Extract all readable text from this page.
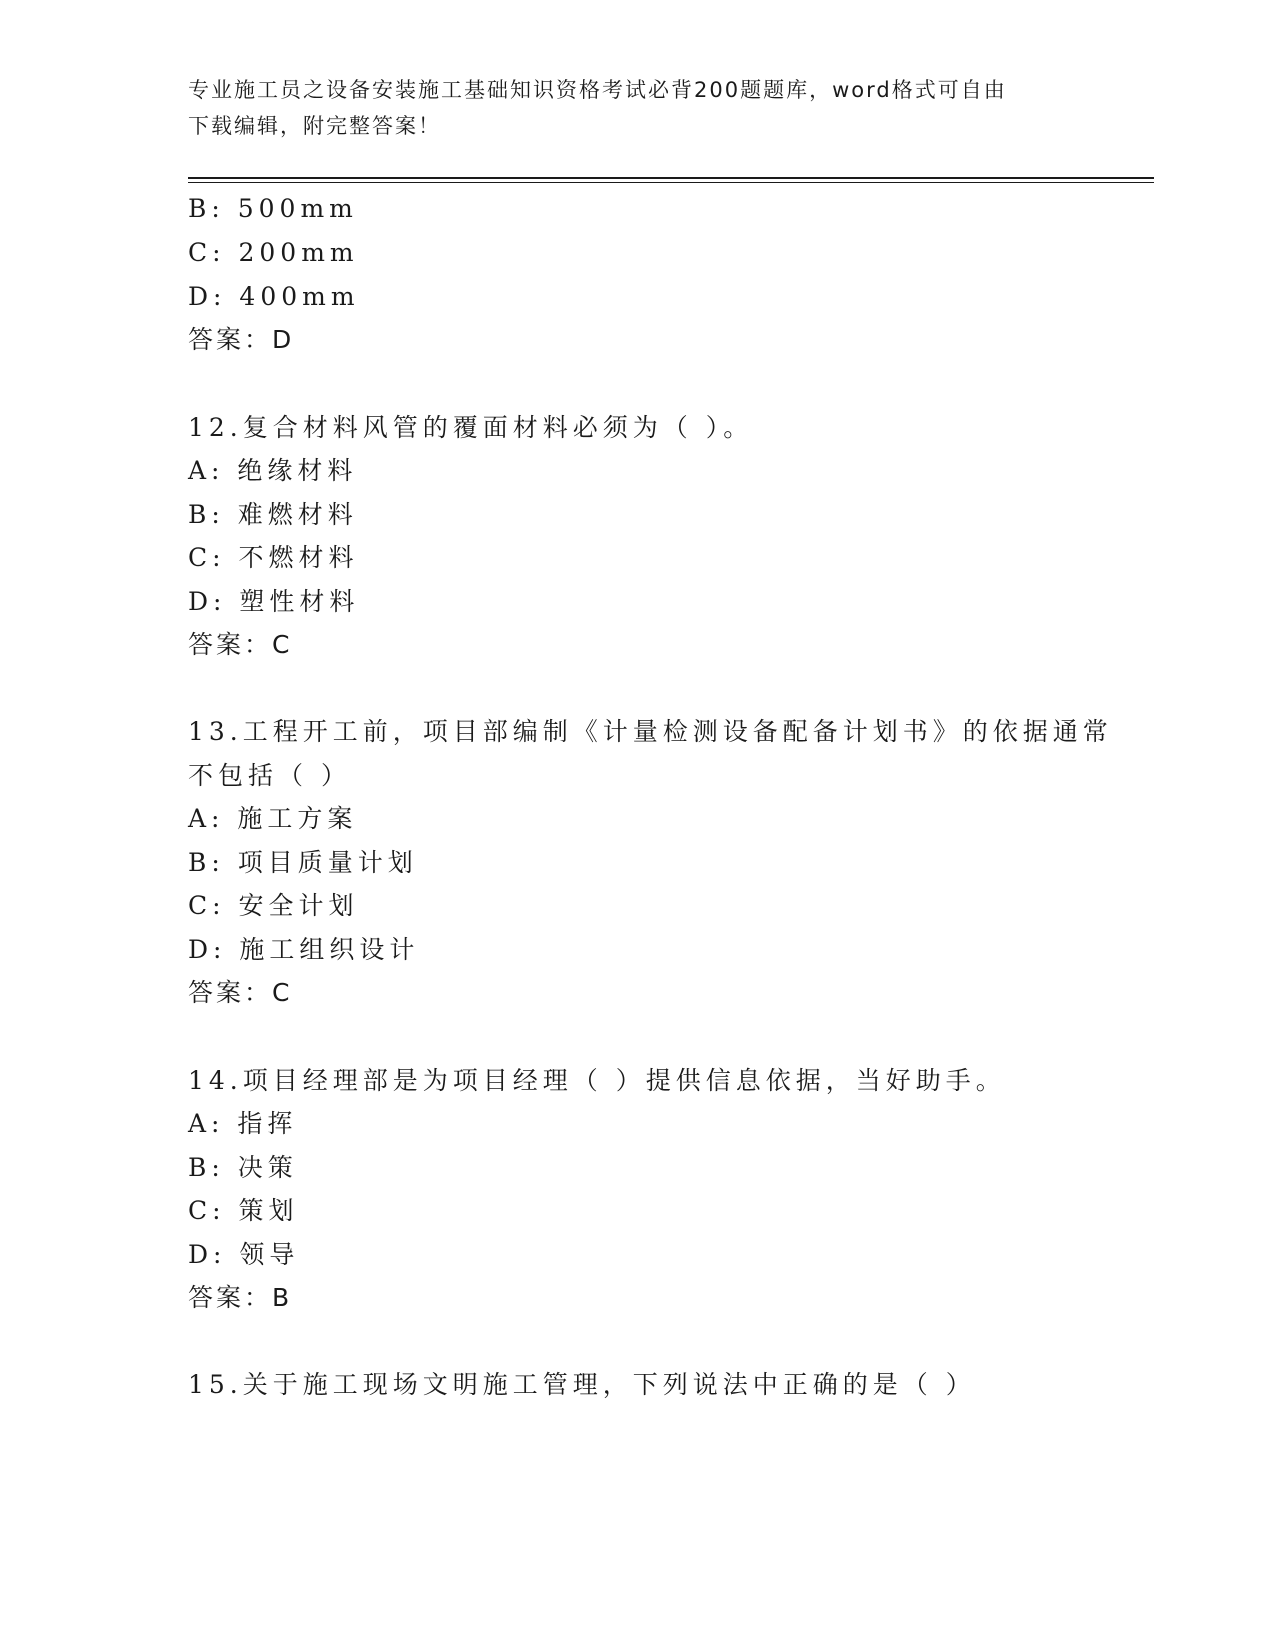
专业施工员之设备安装施工基础知识资格考试必背200题题库，word格式可自由
下载编辑，附完整答案！
B: 500mm
C: 200mm
D: 400mm
答案：D
12.复合材料风管的覆面材料必须为（ ）。
A: 绝缘材料
B: 难燃材料
C: 不燃材料
D: 塑性材料
答案：C
13.工程开工前，项目部编制《计量检测设备配备计划书》的依据通常
不包括（ ）
A: 施工方案
B: 项目质量计划
C: 安全计划
D: 施工组织设计
答案：C
14.项目经理部是为项目经理（ ）提供信息依据，当好助手。
A: 指挥
B: 决策
C: 策划
D: 领导
答案：B
15.关于施工现场文明施工管理，下列说法中正确的是（ ）
